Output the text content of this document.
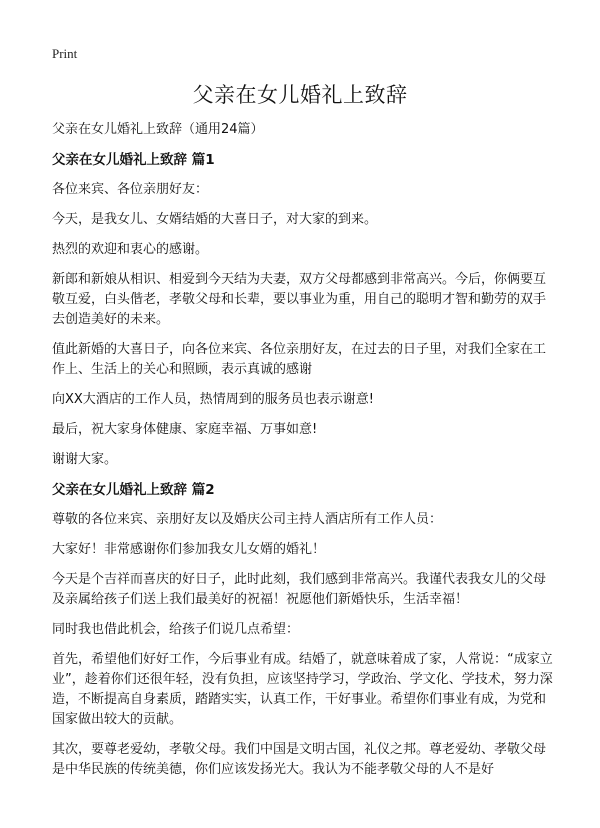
Print
父亲在女儿婚礼上致辞

父亲在女儿婚礼上致辞（通用24篇）

父亲在女儿婚礼上致辞 篇1

各位来宾、各位亲朋好友：

今天，是我女儿、女婿结婚的大喜日子，对大家的到来。

热烈的欢迎和衷心的感谢。

新郎和新娘从相识、相爱到今天结为夫妻，双方父母都感到非常高兴。今后，你俩要互敬互爱，白头偕老，孝敬父母和长辈，要以事业为重，用自己的聪明才智和勤劳的双手去创造美好的未来。

值此新婚的大喜日子，向各位来宾、各位亲朋好友，在过去的日子里，对我们全家在工作上、生活上的关心和照顾，表示真诚的感谢

向XX大酒店的工作人员，热情周到的服务员也表示谢意!

最后，祝大家身体健康、家庭幸福、万事如意!

谢谢大家。

父亲在女儿婚礼上致辞 篇2

尊敬的各位来宾、亲朋好友以及婚庆公司主持人酒店所有工作人员：

大家好！非常感谢你们参加我女儿女婿的婚礼！

今天是个吉祥而喜庆的好日子，此时此刻，我们感到非常高兴。我谨代表我女儿的父母及亲属给孩子们送上我们最美好的祝福！祝愿他们新婚快乐，生活幸福！

同时我也借此机会，给孩子们说几点希望：

首先，希望他们好好工作，今后事业有成。结婚了，就意味着成了家，人常说：“成家立业”，趁着你们还很年轻，没有负担，应该坚持学习，学政治、学文化、学技术，努力深造，不断提高自身素质，踏踏实实，认真工作，干好事业。希望你们事业有成，为党和国家做出较大的贡献。

其次，要尊老爱幼，孝敬父母。我们中国是文明古国，礼仪之邦。尊老爱幼、孝敬父母是中华民族的传统美德，你们应该发扬光大。我认为不能孝敬父母的人不是好
